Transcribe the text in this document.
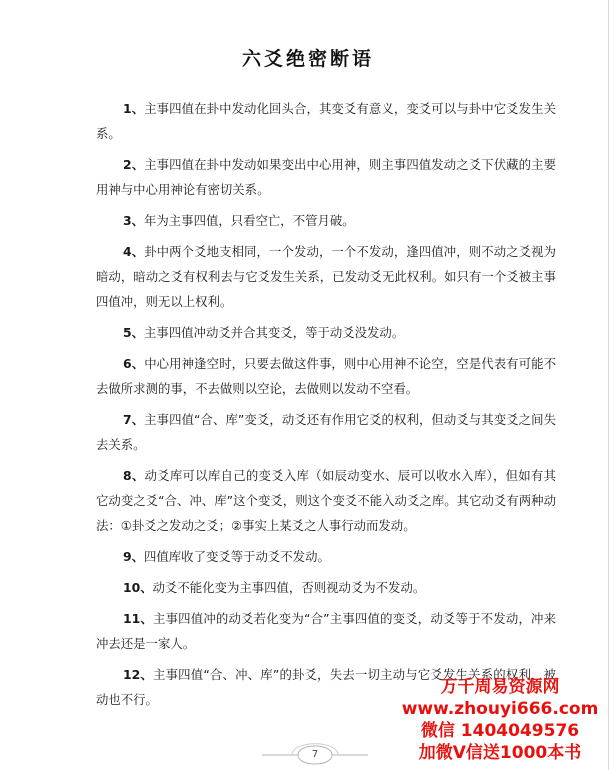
六爻绝密断语
1、主事四值在卦中发动化回头合，其变爻有意义，变爻可以与卦中它爻发生关系。
2、主事四值在卦中发动如果变出中心用神，则主事四值发动之爻下伏藏的主要用神与中心用神论有密切关系。
3、年为主事四值，只看空亡，不管月破。
4、卦中两个爻地支相同，一个发动，一个不发动，逢四值冲，则不动之爻视为暗动，暗动之爻有权利去与它爻发生关系，已发动爻无此权利。如只有一个爻被主事四值冲，则无以上权利。
5、主事四值冲动爻并合其变爻，等于动爻没发动。
6、中心用神逢空时，只要去做这件事，则中心用神不论空，空是代表有可能不去做所求测的事，不去做则以空论，去做则以发动不空看。
7、主事四值“合、库”变爻，动爻还有作用它爻的权利，但动爻与其变爻之间失去关系。
8、动爻库可以库自己的变爻入库（如辰动变水、辰可以收水入库），但如有其它动变之爻“合、冲、库”这个变爻，则这个变爻不能入动爻之库。其它动爻有两种动法：①卦爻之发动之爻；②事实上某爻之人事行动而发动。
9、四值库收了变爻等于动爻不发动。
10、动爻不能化变为主事四值，否则视动爻为不发动。
11、主事四值冲的动爻若化变为“合”主事四值的变爻，动爻等于不发动，冲来冲去还是一家人。
12、主事四值“合、冲、库”的卦爻，失去一切主动与它爻发生关系的权利，被动也不行。
7
万千周易资源网
www.zhouyi666.com
微信 1404049576
加微V信送1000本书
